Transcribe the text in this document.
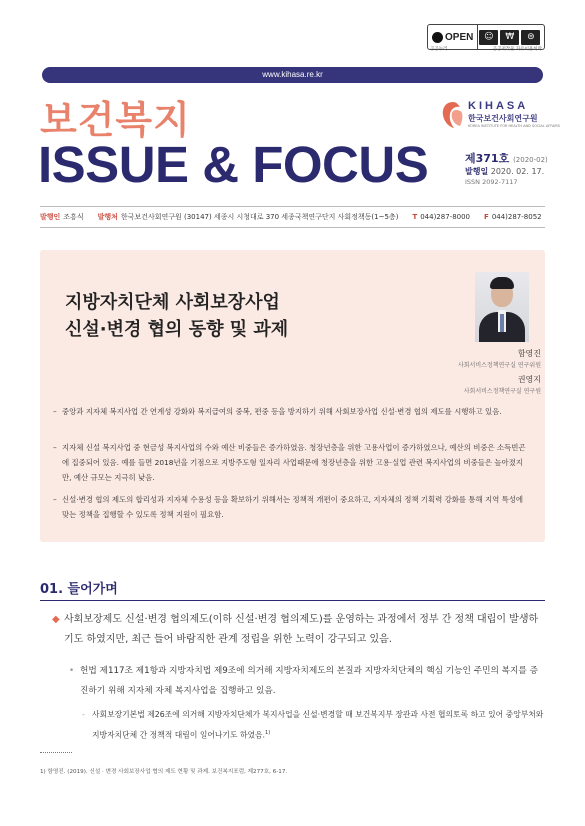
OPEN	☺	₩	⊜
공공누리	공공저작물 자유이용허락
www.kihasa.re.kr
보건복지
ISSUE & FOCUS
KIHASA
한국보건사회연구원
KOREA INSTITUTE FOR HEALTH AND SOCIAL AFFAIRS
제371호 (2020-02)
발행일 2020. 02. 17.
ISSN 2092-7117
발행인 조흥식 발행처 한국보건사회연구원 (30147) 세종시 시청대로 370 세종국책연구단지 사회정책동(1~5층) T 044)287-8000 F 044)287-8052
지방자치단체 사회보장사업
신설·변경 협의 동향 및 과제
함영진
사회서비스정책연구실 연구위원
권영지
사회서비스정책연구실 연구원
– 중앙과 지자체 복지사업 간 연계성 강화와 복지급여의 중복, 편중 등을 방지하기 위해 사회보장사업 신설·변경 협의 제도를 시행하고 있음.
– 지자체 신설 복지사업 중 현금성 복지사업의 수와 예산 비중들은 증가하였음. 청장년층을 위한 고용사업이 증가하였으나, 예산의 비중은 소득빈곤에 집중되어 있음. 예를 들면 2018년을 기점으로 지방주도형 일자리 사업때문에 청장년층을 위한 고용·실업 관련 복지사업의 비중들은 높아졌지만, 예산 규모는 지극히 낮음.
– 신설·변경 협의 제도의 합리성과 지자체 수용성 등을 확보하기 위해서는 정책적 개편이 중요하고, 지자체의 정책 기획력 강화를 통해 지역 특성에 맞는 정책을 집행할 수 있도록 정책 지원이 필요함.
01. 들어가며
◆ 사회보장제도 신설·변경 협의제도(이하 신설·변경 협의제도)를 운영하는 과정에서 정부 간 정책 대립이 발생하기도 하였지만, 최근 들어 바람직한 관계 정립을 위한 노력이 강구되고 있음.
• 헌법 제117조 제1항과 지방자치법 제9조에 의거해 지방자치제도의 본질과 지방자치단체의 핵심 기능인 주민의 복지를 증진하기 위해 지자체 자체 복지사업을 집행하고 있음.
- 사회보장기본법 제26조에 의거해 지방자치단체가 복지사업을 신설·변경할 때 보건복지부 장관과 사전 협의토록 하고 있어 중앙부처와 지방자치단체 간 정책적 대립이 일어나기도 하였음.$^{1)}$
1) 함영진. (2019). 신설 · 변경 사회보장사업 협의 제도 현황 및 과제. 보건복지포럼, 제277호, 6-17.
